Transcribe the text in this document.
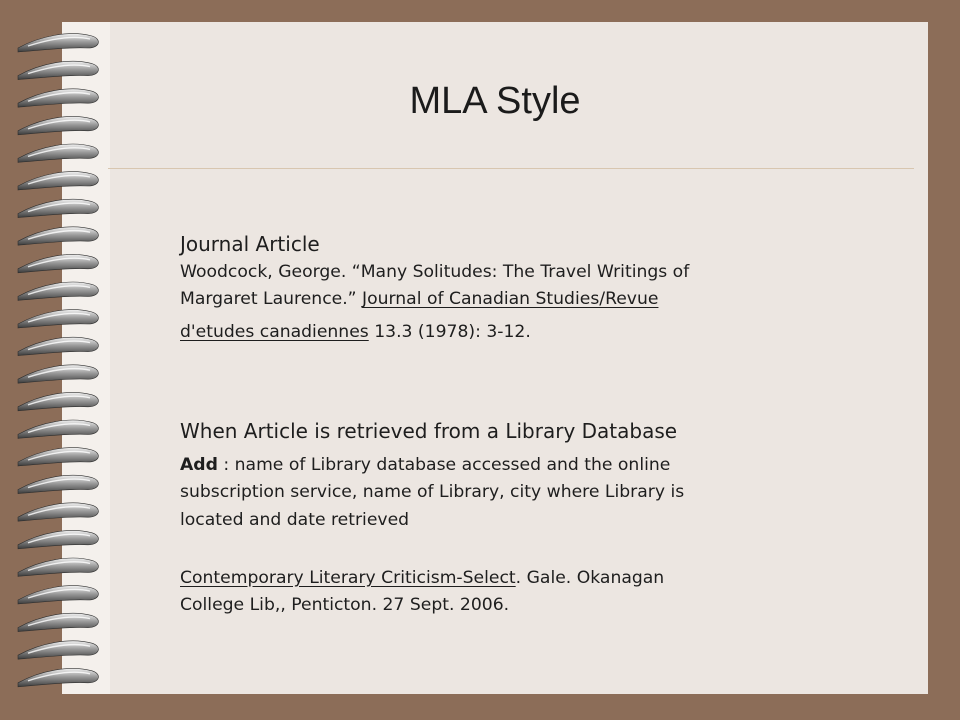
MLA Style
Journal Article
Woodcock, George. “Many Solitudes: The Travel Writings of
Margaret Laurence.” Journal of Canadian Studies/Revue
d'etudes canadiennes 13.3 (1978): 3-12.
When Article is retrieved from a Library Database
Add : name of Library database accessed and the online
subscription service, name of Library, city where Library is
located and date retrieved
Contemporary Literary Criticism-Select. Gale. Okanagan
College Lib,, Penticton. 27 Sept. 2006.
